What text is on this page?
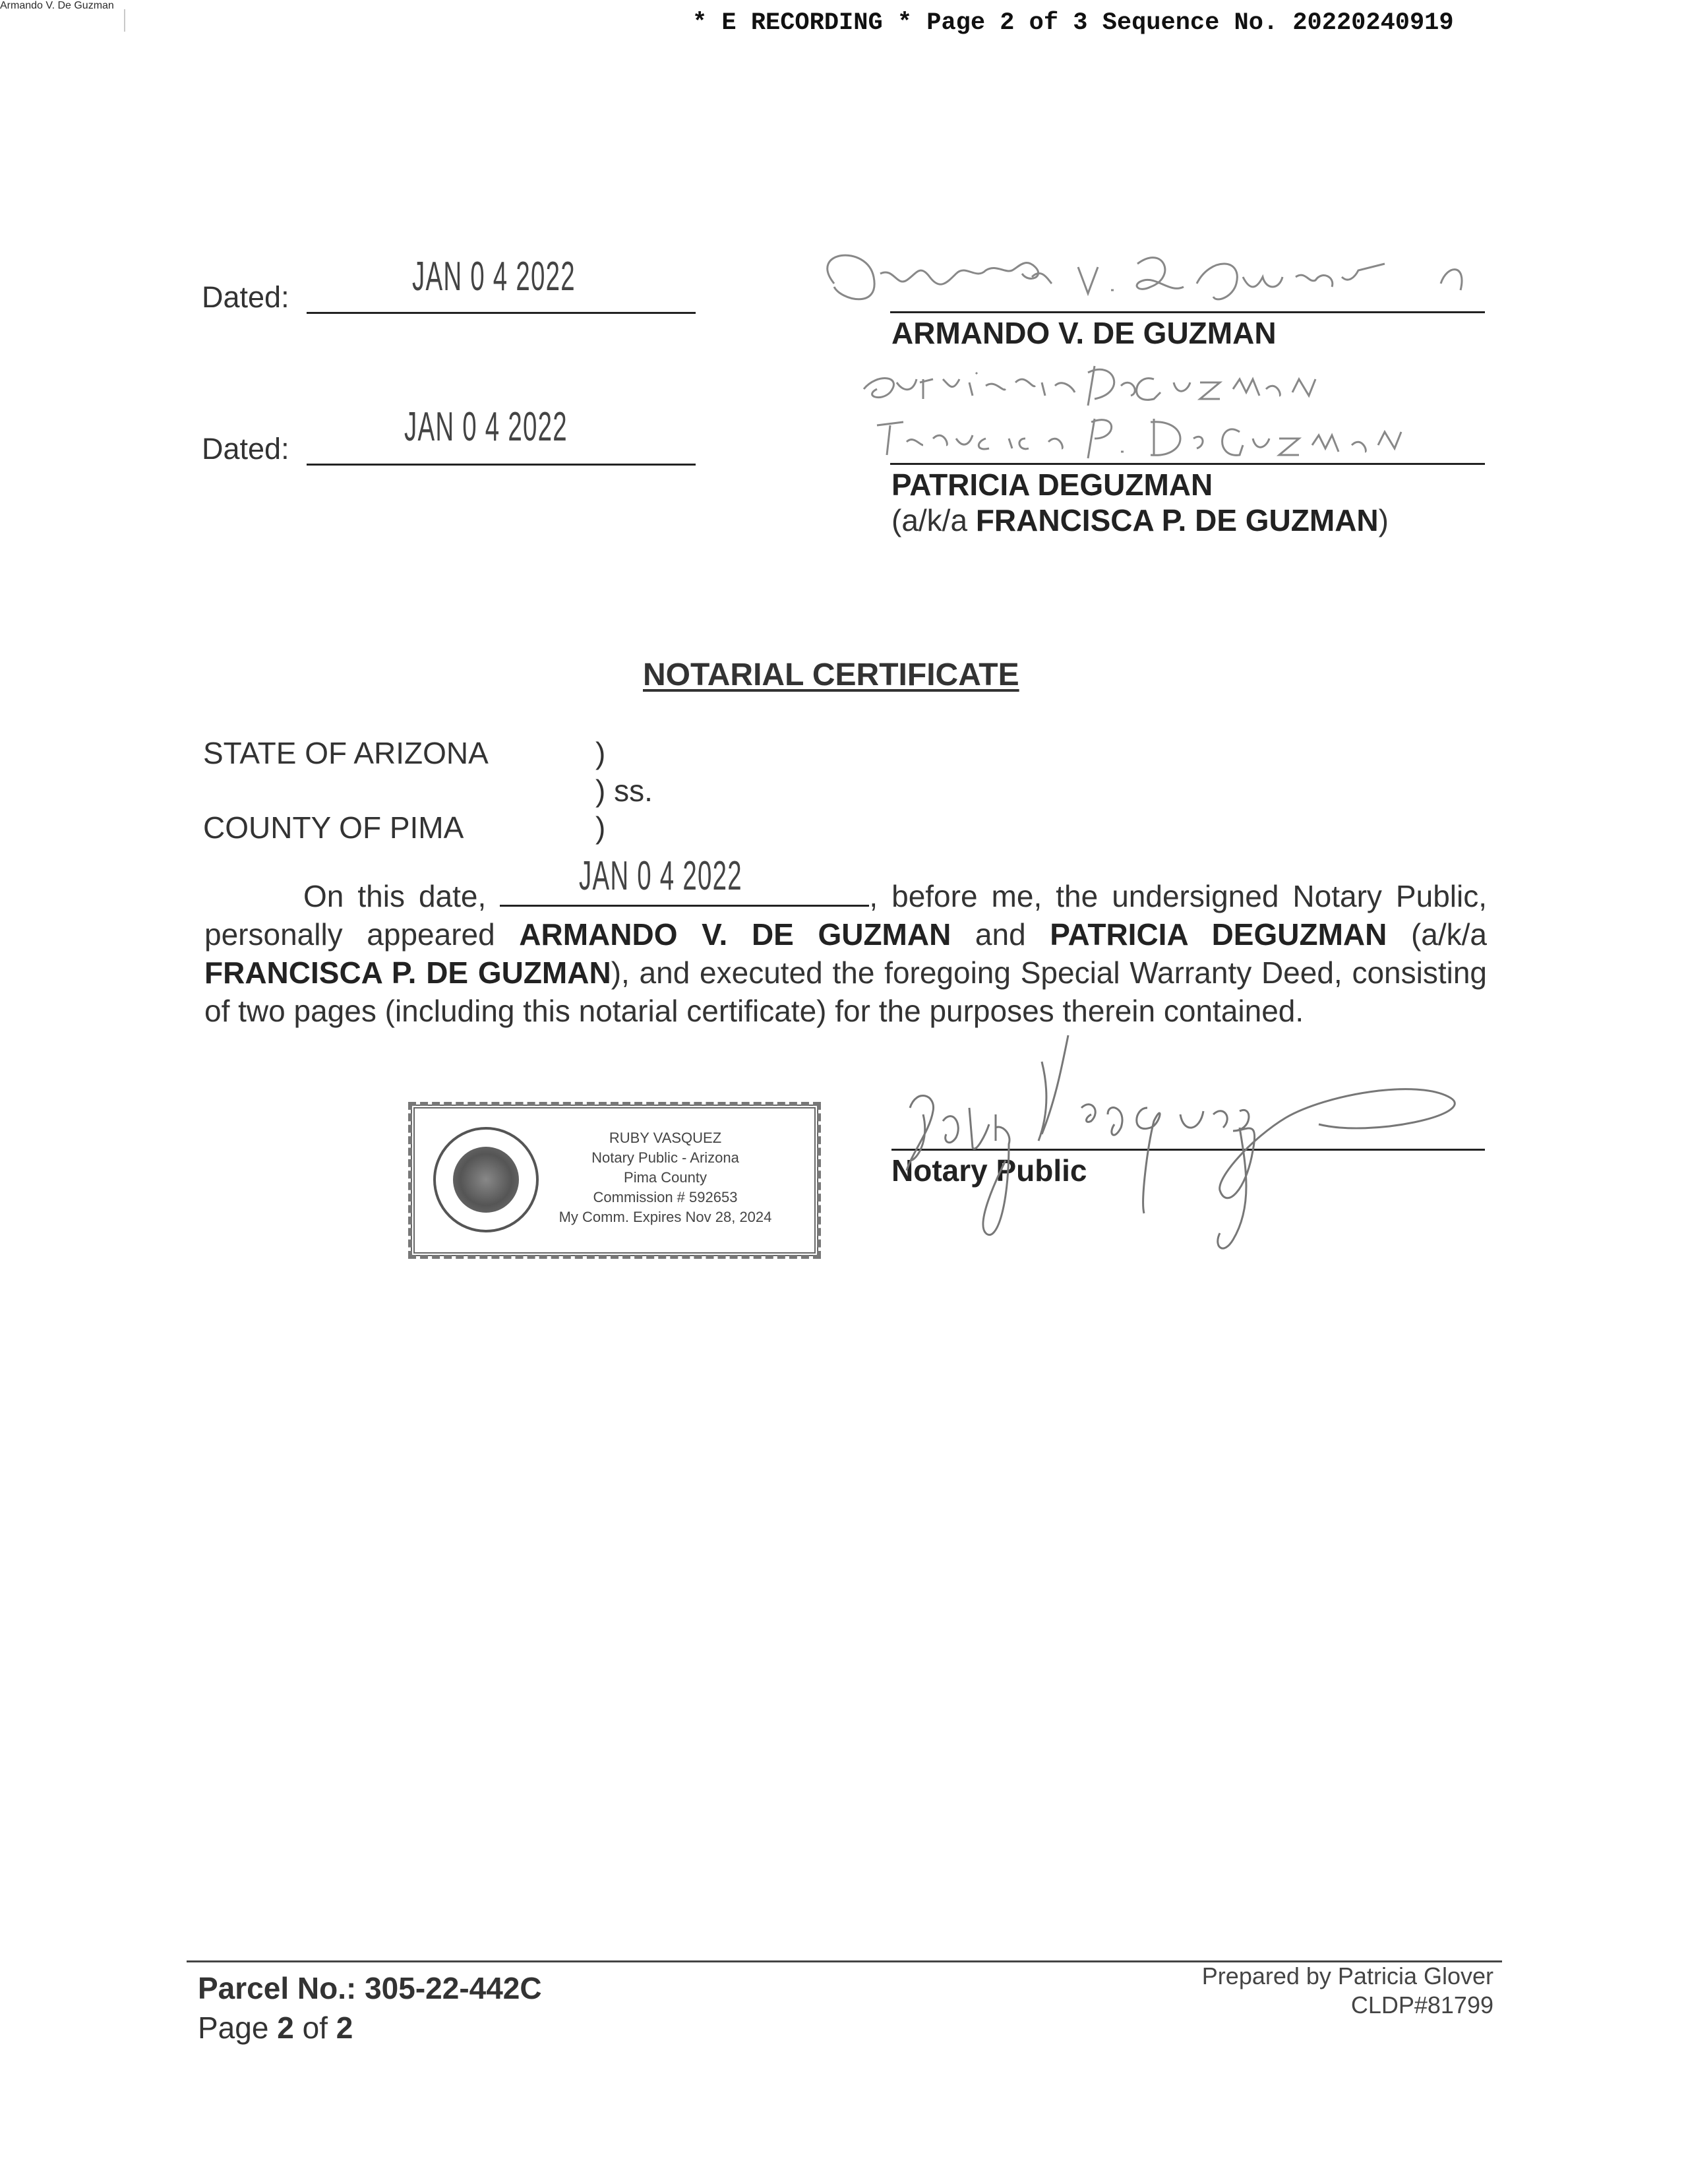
* E RECORDING * Page 2 of 3 Sequence No. 20220240919
Dated:	JAN 0 4 2022
Armando V. De Guzman
ARMANDO V. DE GUZMAN
Dated:	JAN 0 4 2022
PATRICIA DEGUZMAN
(a/k/a FRANCISCA P. DE GUZMAN)
NOTARIAL CERTIFICATE
STATE OF ARIZONA	)
) ss.
COUNTY OF PIMA	)
On this date, JAN 0 4 2022	, before me, the undersigned Notary Public, personally appeared ARMANDO V. DE GUZMAN and PATRICIA DEGUZMAN (a/k/a FRANCISCA P. DE GUZMAN), and executed the foregoing Special Warranty Deed, consisting of two pages (including this notarial certificate) for the purposes therein contained.
RUBY VASQUEZ
Notary Public - Arizona
Pima County
Commission # 592653
My Comm. Expires Nov 28, 2024
Notary Public
Parcel No.: 305-22-442C
Page 2 of 2
Prepared by Patricia Glover
CLDP#81799
